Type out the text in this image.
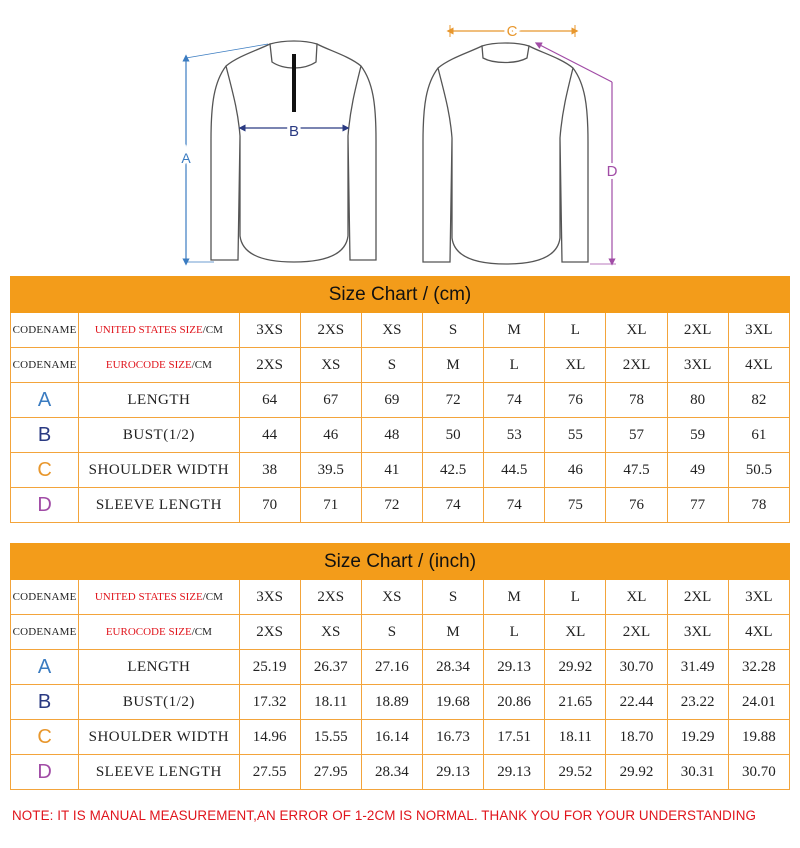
A
B
C
D
Size Chart / (cm)										
CODENAME	UNITED STATES SIZE/CM	3XS	2XS	XS	S	M	L	XL	2XL	3XL
CODENAME	EUROCODE SIZE/CM	2XS	XS	S	M	L	XL	2XL	3XL	4XL
A	LENGTH	64	67	69	72	74	76	78	80	82
B	BUST(1/2)	44	46	48	50	53	55	57	59	61
C	SHOULDER WIDTH	38	39.5	41	42.5	44.5	46	47.5	49	50.5
D	SLEEVE LENGTH	70	71	72	74	74	75	76	77	78
Size Chart / (inch)										
CODENAME	UNITED STATES SIZE/CM	3XS	2XS	XS	S	M	L	XL	2XL	3XL
CODENAME	EUROCODE SIZE/CM	2XS	XS	S	M	L	XL	2XL	3XL	4XL
A	LENGTH	25.19	26.37	27.16	28.34	29.13	29.92	30.70	31.49	32.28
B	BUST(1/2)	17.32	18.11	18.89	19.68	20.86	21.65	22.44	23.22	24.01
C	SHOULDER WIDTH	14.96	15.55	16.14	16.73	17.51	18.11	18.70	19.29	19.88
D	SLEEVE LENGTH	27.55	27.95	28.34	29.13	29.13	29.52	29.92	30.31	30.70
NOTE: IT IS MANUAL MEASUREMENT,AN ERROR OF 1-2CM IS NORMAL. THANK YOU FOR YOUR UNDERSTANDING
